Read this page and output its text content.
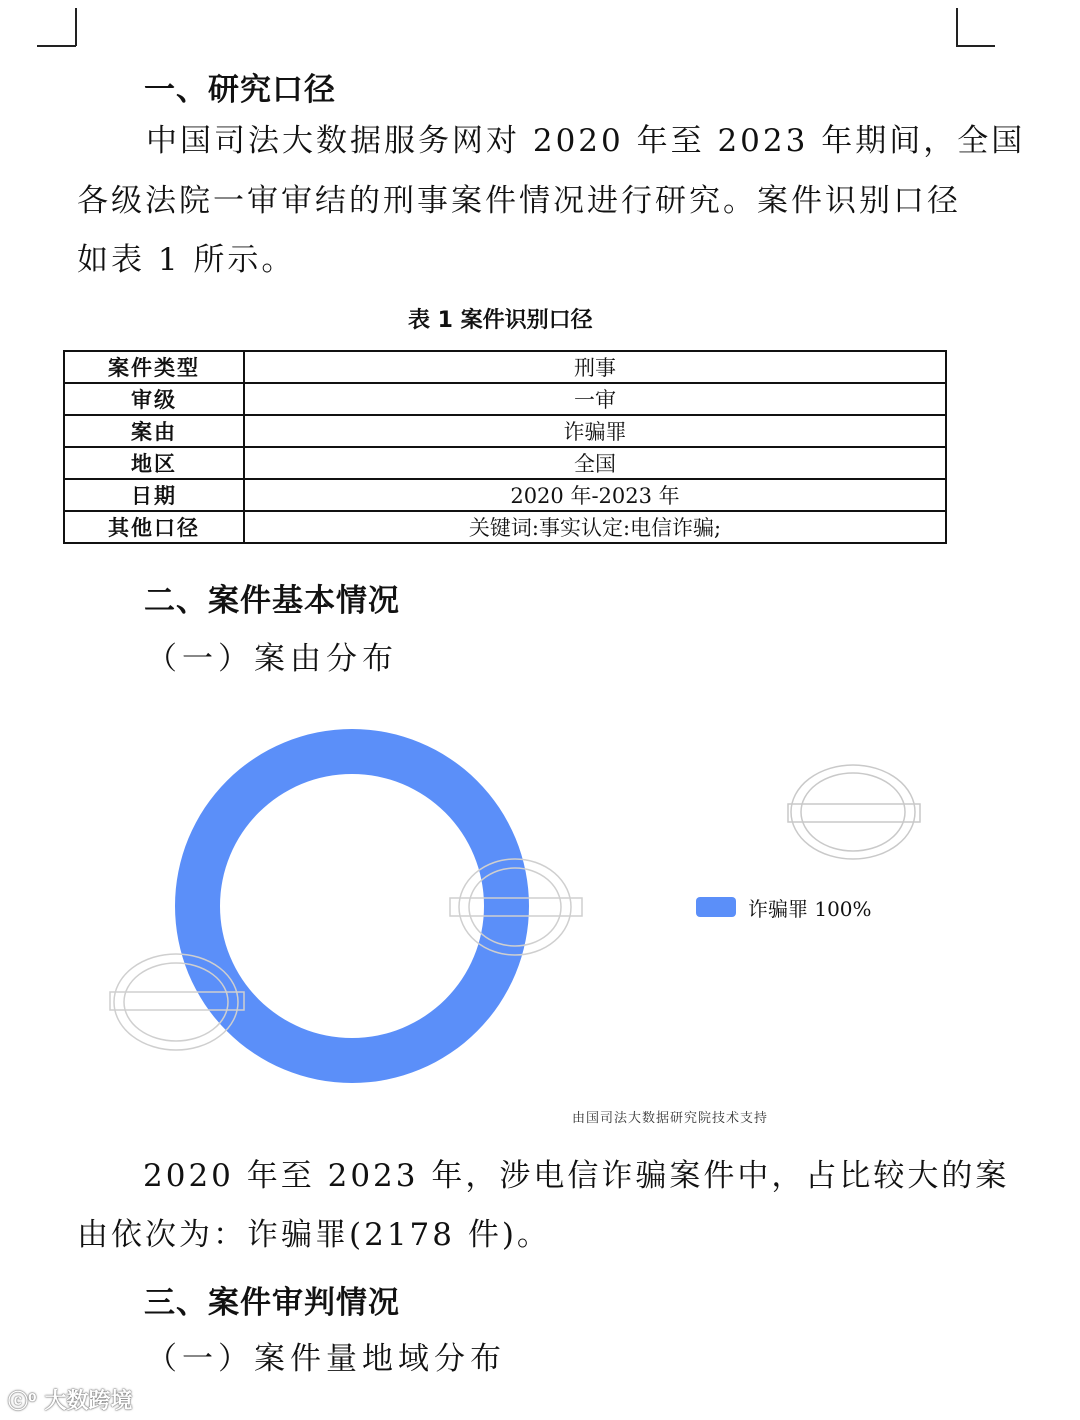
一、研究口径
中国司法大数据服务网对 2020 年至 2023 年期间，全国
各级法院一审审结的刑事案件情况进行研究。案件识别口径
如表 1 所示。
表 1 案件识别口径
案件类型	刑事
审级	一审
案由	诈骗罪
地区	全国
日期	2020 年-2023 年
其他口径	关键词:事实认定:电信诈骗;
二、案件基本情况
（一）案由分布
诈骗罪 100%
由国司法大数据研究院技术支持
2020 年至 2023 年，涉电信诈骗案件中，占比较大的案
由依次为：诈骗罪(2178 件)。
三、案件审判情况
（一）案件量地域分布
ⓒ⁰ 大数跨境
